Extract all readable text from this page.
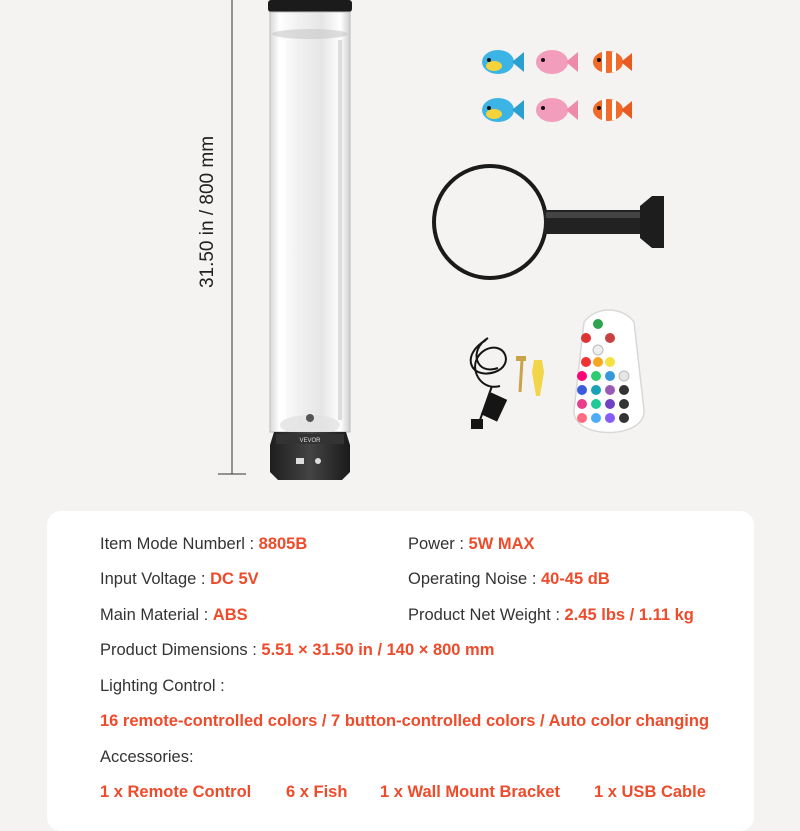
VEVOR
31.50 in / 800 mm
Item Mode Numberl : 8805B	Power : 5W MAX
Input Voltage : DC 5V	Operating Noise : 40-45 dB
Main Material : ABS	Product Net Weight : 2.45 lbs / 1.11 kg
Product Dimensions : 5.51 × 31.50 in / 140 × 800 mm
Lighting Control :
16 remote-controlled colors / 7 button-controlled colors / Auto color changing
Accessories:
1 x Remote Control 6 x Fish 1 x Wall Mount Bracket 1 x USB Cable
